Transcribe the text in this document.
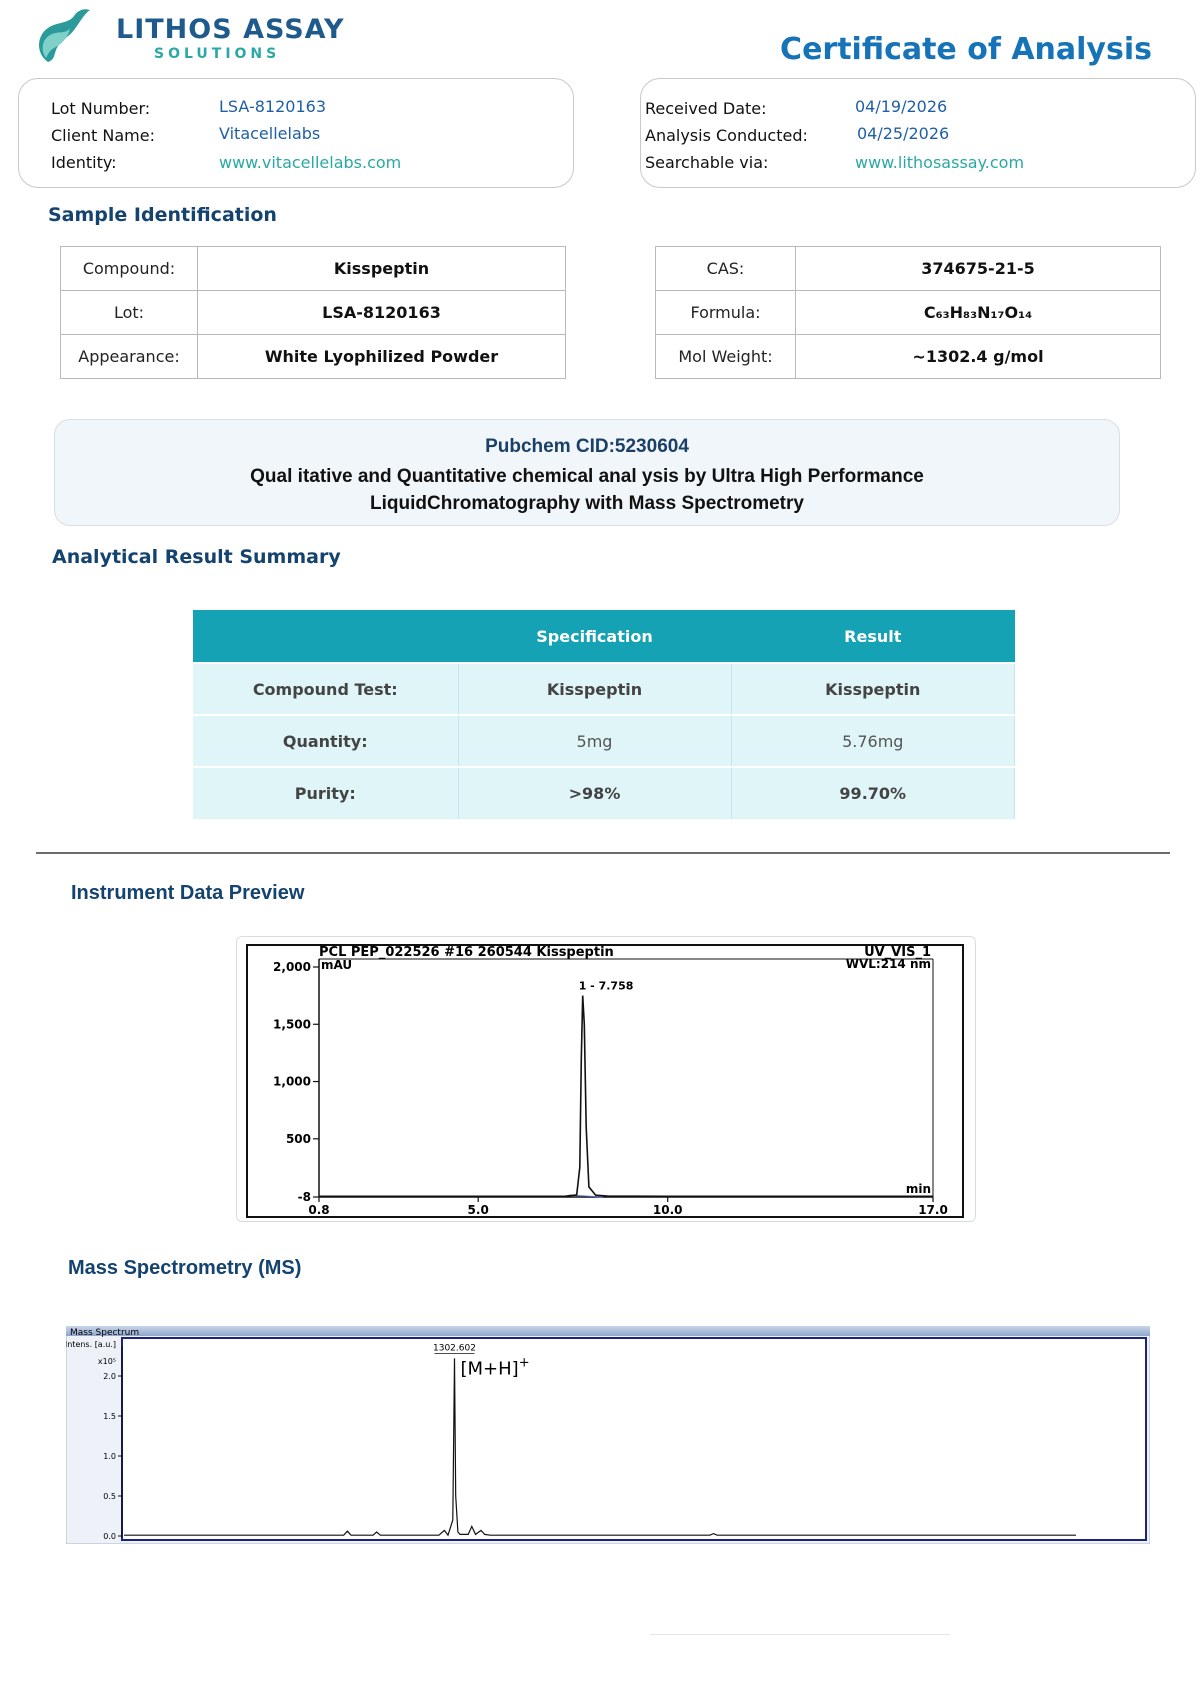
LITHOS ASSAY
SOLUTIONS	Certificate of Analysis
Lot Number:	LSA-8120163
Client Name:	Vitacellelabs
Identity:	www.vitacellelabs.com
Received Date:	04/19/2026
Analysis Conducted:	04/25/2026
Searchable via:	www.lithosassay.com
Sample Identification
Compound:	Kisspeptin
Lot:	LSA-8120163
Appearance:	White Lyophilized Powder
CAS:	374675-21-5
Formula:	C₆₃H₈₃N₁₇O₁₄
Mol Weight:	~1302.4 g/mol
Pubchem CID:5230604
Qual itative and Quantitative chemical anal ysis by Ultra High Performance
LiquidChromatography with Mass Spectrometry
Analytical Result Summary
	Specification	Result
Compound Test:	Kisspeptin	Kisspeptin
Quantity:	5mg	5.76mg
Purity:	>98%	99.70%
Instrument Data Preview
PCL PEP_022526 #16 260544 Kisspeptin	UV_VIS_1
WVL:214 nm
mAU
min
2,000
1,500
1,000
500
-8
0.8	5.0	10.0	17.0
1 - 7.758
Mass Spectrometry (MS)
Mass Spectrum
Intens. [a.u.]
x10⁵
2.0
1.5
1.0
0.5
0.0
1302.602
[M+H]+
